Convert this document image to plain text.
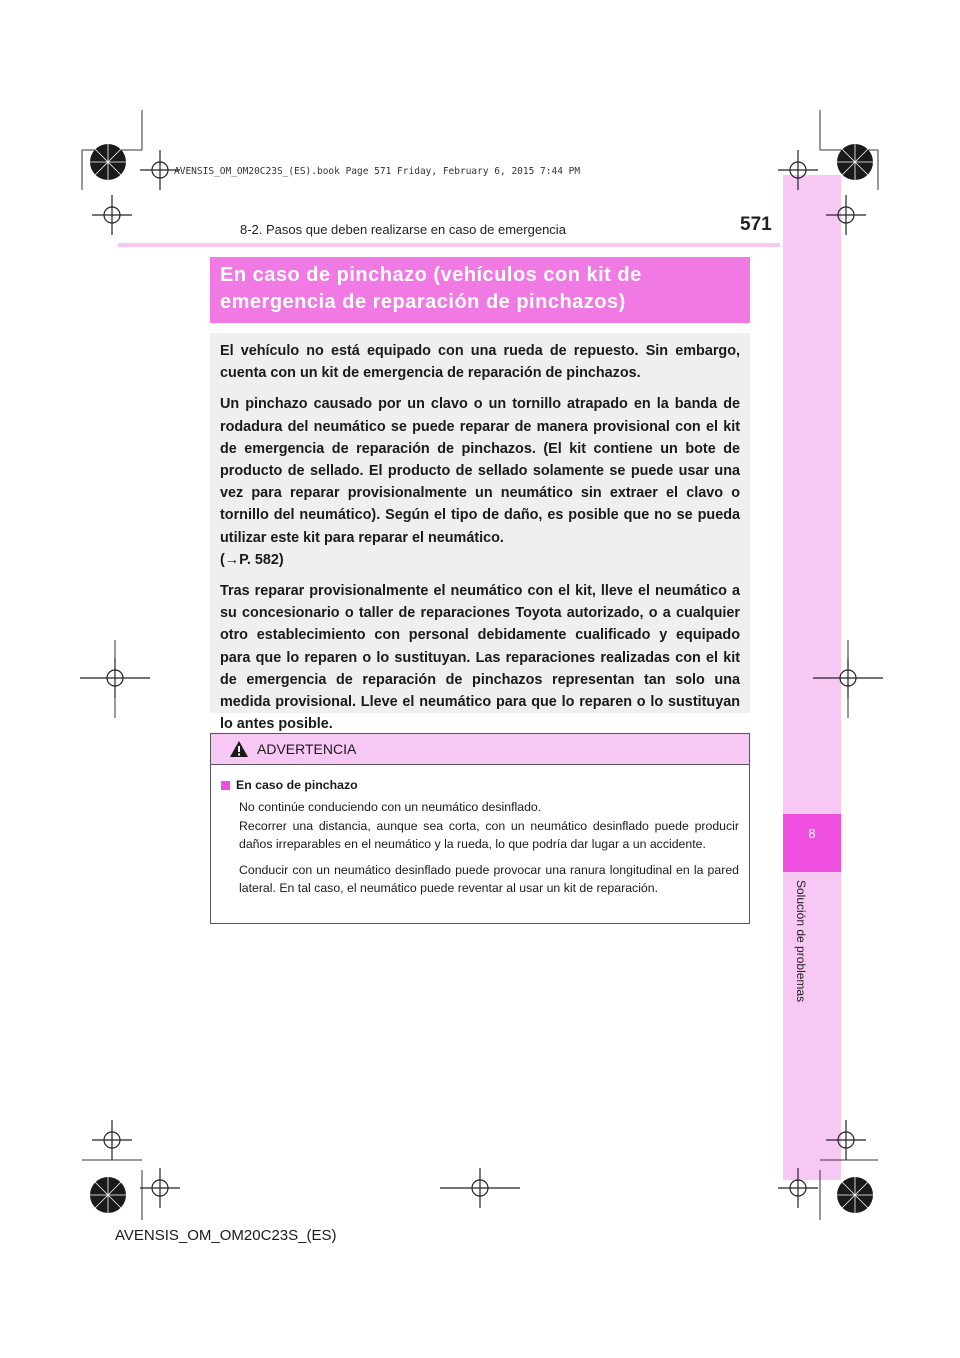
8
Solución de problemas
AVENSIS_OM_OM20C23S_(ES).book Page 571 Friday, February 6, 2015 7:44 PM
8-2. Pasos que deben realizarse en caso de emergencia	571
En caso de pinchazo (vehículos con kit de
emergencia de reparación de pinchazos)

El vehículo no está equipado con una rueda de repuesto. Sin embargo, cuenta con un kit de emergencia de reparación de pinchazos.

Un pinchazo causado por un clavo o un tornillo atrapado en la banda de rodadura del neumático se puede reparar de manera provisional con el kit de emergencia de reparación de pinchazos. (El kit contiene un bote de producto de sellado. El producto de sellado solamente se puede usar una vez para reparar provisionalmente un neumático sin extraer el clavo o tornillo del neumático). Según el tipo de daño, es posible que no se pueda utilizar este kit para reparar el neumático.

(→P. 582)

Tras reparar provisionalmente el neumático con el kit, lleve el neumático a su concesionario o taller de reparaciones Toyota autorizado, o a cualquier otro establecimiento con personal debidamente cualificado y equipado para que lo reparen o lo sustituyan. Las reparaciones realizadas con el kit de emergencia de reparación de pinchazos representan tan solo una medida provisional. Lleve el neumático para que lo reparen o lo sustituyan lo antes posible.

ADVERTENCIA
En caso de pinchazo
No continúe conduciendo con un neumático desinflado.
Recorrer una distancia, aunque sea corta, con un neumático desinflado puede producir daños irreparables en el neumático y la rueda, lo que podría dar lugar a un accidente.
Conducir con un neumático desinflado puede provocar una ranura longitudinal en la pared lateral. En tal caso, el neumático puede reventar al usar un kit de reparación.
AVENSIS_OM_OM20C23S_(ES)
